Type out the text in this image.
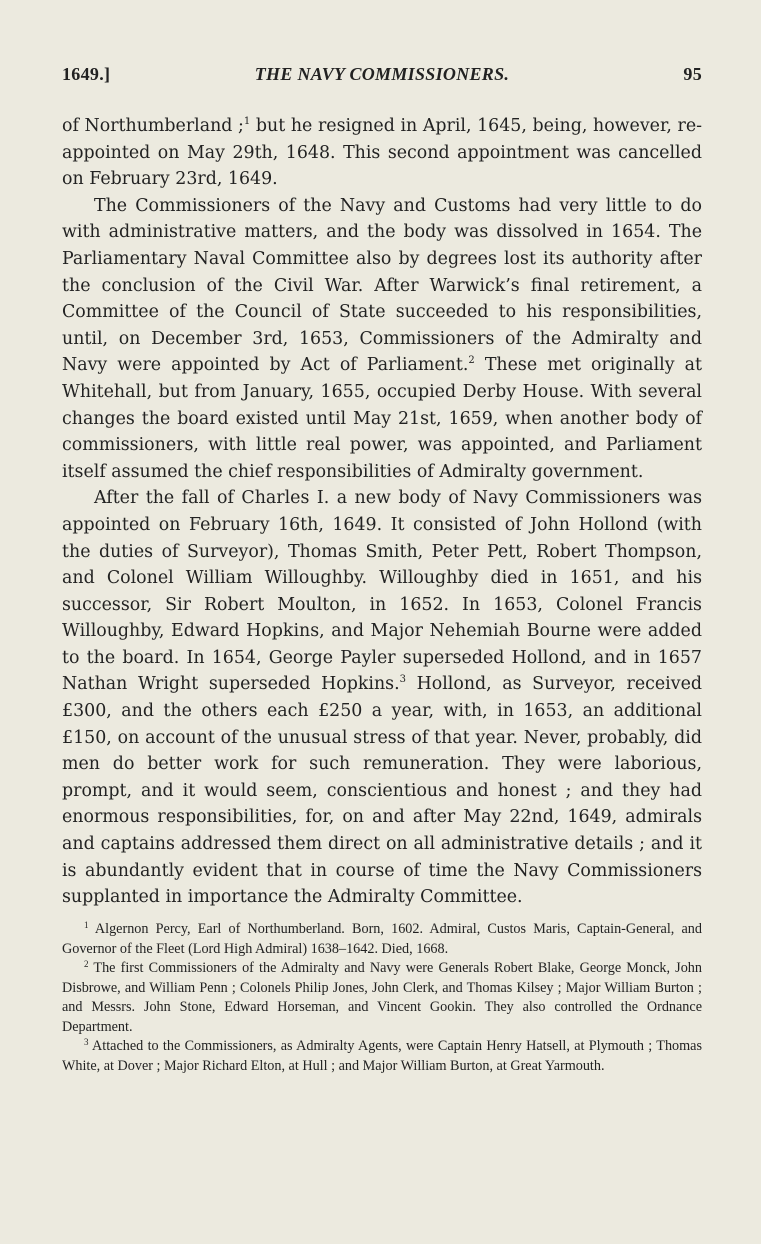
THE NAVY COMMISSIONERS.
1649.]	95

of Northumberland ;$^1$ but he resigned in April, 1645, being, however, re-appointed on May 29th, 1648. This second appointment was cancelled on February 23rd, 1649.

The Commissioners of the Navy and Customs had very little to do with administrative matters, and the body was dissolved in 1654. The Parliamentary Naval Committee also by degrees lost its authority after the conclusion of the Civil War. After Warwick’s final retirement, a Committee of the Council of State succeeded to his responsibilities, until, on December 3rd, 1653, Commissioners of the Admiralty and Navy were appointed by Act of Parliament.$^2$ These met originally at Whitehall, but from January, 1655, occupied Derby House. With several changes the board existed until May 21st, 1659, when another body of commissioners, with little real power, was appointed, and Parliament itself assumed the chief responsibilities of Admiralty government.

After the fall of Charles I. a new body of Navy Commissioners was appointed on February 16th, 1649. It consisted of John Hollond (with the duties of Surveyor), Thomas Smith, Peter Pett, Robert Thompson, and Colonel William Willoughby. Willoughby died in 1651, and his successor, Sir Robert Moulton, in 1652. In 1653, Colonel Francis Willoughby, Edward Hopkins, and Major Nehemiah Bourne were added to the board. In 1654, George Payler superseded Hollond, and in 1657 Nathan Wright superseded Hopkins.$^3$ Hollond, as Surveyor, received £300, and the others each £250 a year, with, in 1653, an additional £150, on account of the unusual stress of that year. Never, probably, did men do better work for such remuneration. They were laborious, prompt, and it would seem, conscientious and honest ; and they had enormous responsibilities, for, on and after May 22nd, 1649, admirals and captains addressed them direct on all administrative details ; and it is abundantly evident that in course of time the Navy Commissioners supplanted in importance the Admiralty Committee.

$^1$ Algernon Percy, Earl of Northumberland. Born, 1602. Admiral, Custos Maris, Captain-General, and Governor of the Fleet (Lord High Admiral) 1638–1642. Died, 1668.

$^2$ The first Commissioners of the Admiralty and Navy were Generals Robert Blake, George Monck, John Disbrowe, and William Penn ; Colonels Philip Jones, John Clerk, and Thomas Kilsey ; Major William Burton ; and Messrs. John Stone, Edward Horseman, and Vincent Gookin. They also controlled the Ordnance Department.

$^3$ Attached to the Commissioners, as Admiralty Agents, were Captain Henry Hatsell, at Plymouth ; Thomas White, at Dover ; Major Richard Elton, at Hull ; and Major William Burton, at Great Yarmouth.
